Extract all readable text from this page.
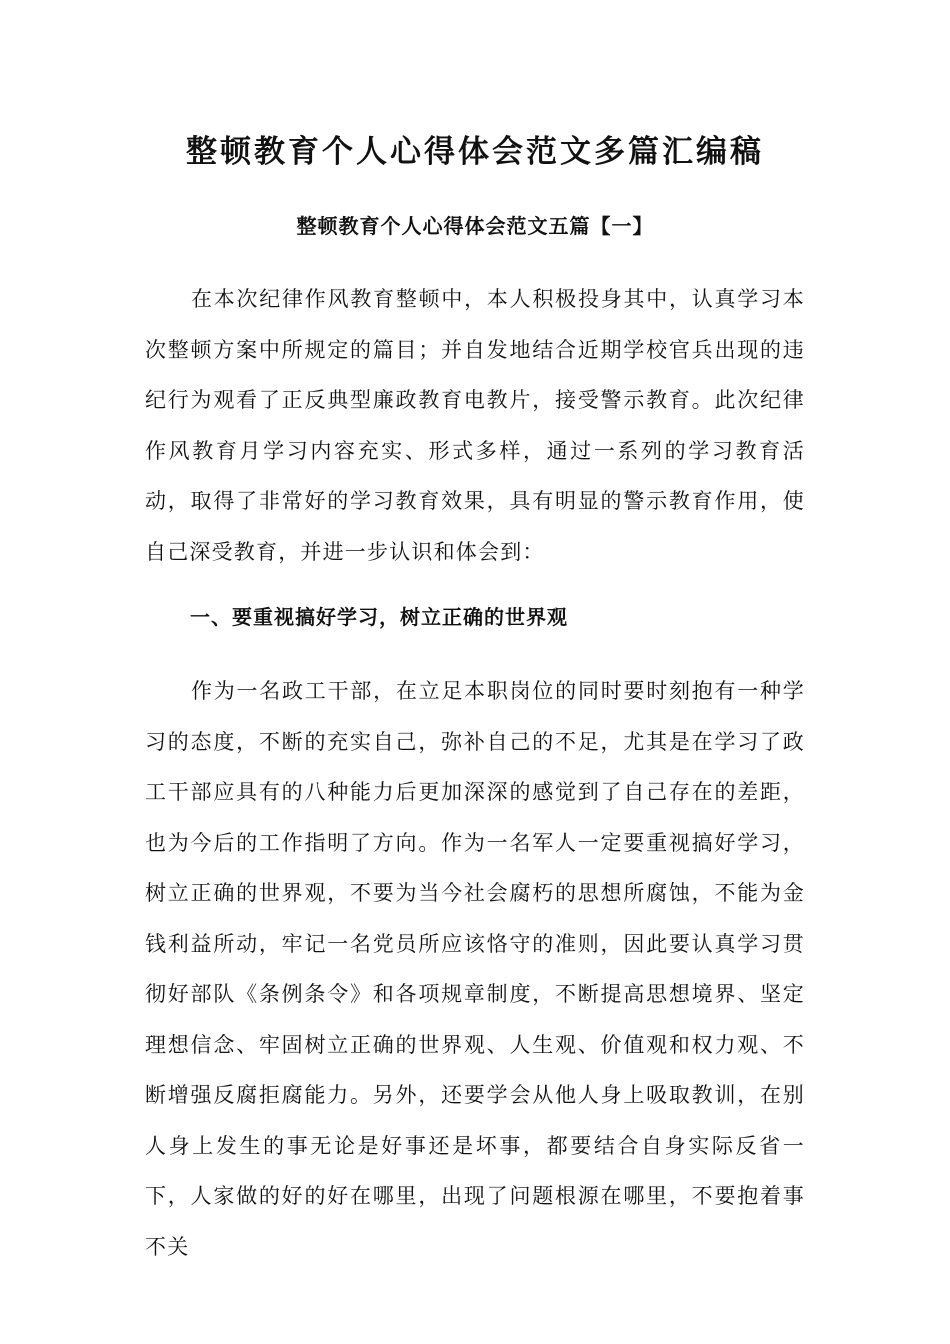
整顿教育个人心得体会范文多篇汇编稿
整顿教育个人心得体会范文五篇【一】
在本次纪律作风教育整顿中，本人积极投身其中，认真学习本次整顿方案中所规定的篇目；并自发地结合近期学校官兵出现的违纪行为观看了正反典型廉政教育电教片，接受警示教育。此次纪律作风教育月学习内容充实、形式多样，通过一系列的学习教育活动，取得了非常好的学习教育效果，具有明显的警示教育作用，使自己深受教育，并进一步认识和体会到：
一、要重视搞好学习，树立正确的世界观
作为一名政工干部，在立足本职岗位的同时要时刻抱有一种学习的态度，不断的充实自己，弥补自己的不足，尤其是在学习了政工干部应具有的八种能力后更加深深的感觉到了自己存在的差距，也为今后的工作指明了方向。作为一名军人一定要重视搞好学习，树立正确的世界观，不要为当今社会腐朽的思想所腐蚀，不能为金钱利益所动，牢记一名党员所应该恪守的准则，因此要认真学习贯彻好部队《条例条令》和各项规章制度，不断提高思想境界、坚定理想信念、牢固树立正确的世界观、人生观、价值观和权力观、不断增强反腐拒腐能力。另外，还要学会从他人身上吸取教训，在别人身上发生的事无论是好事还是坏事，都要结合自身实际反省一下，人家做的好的好在哪里，出现了问题根源在哪里，不要抱着事不关
